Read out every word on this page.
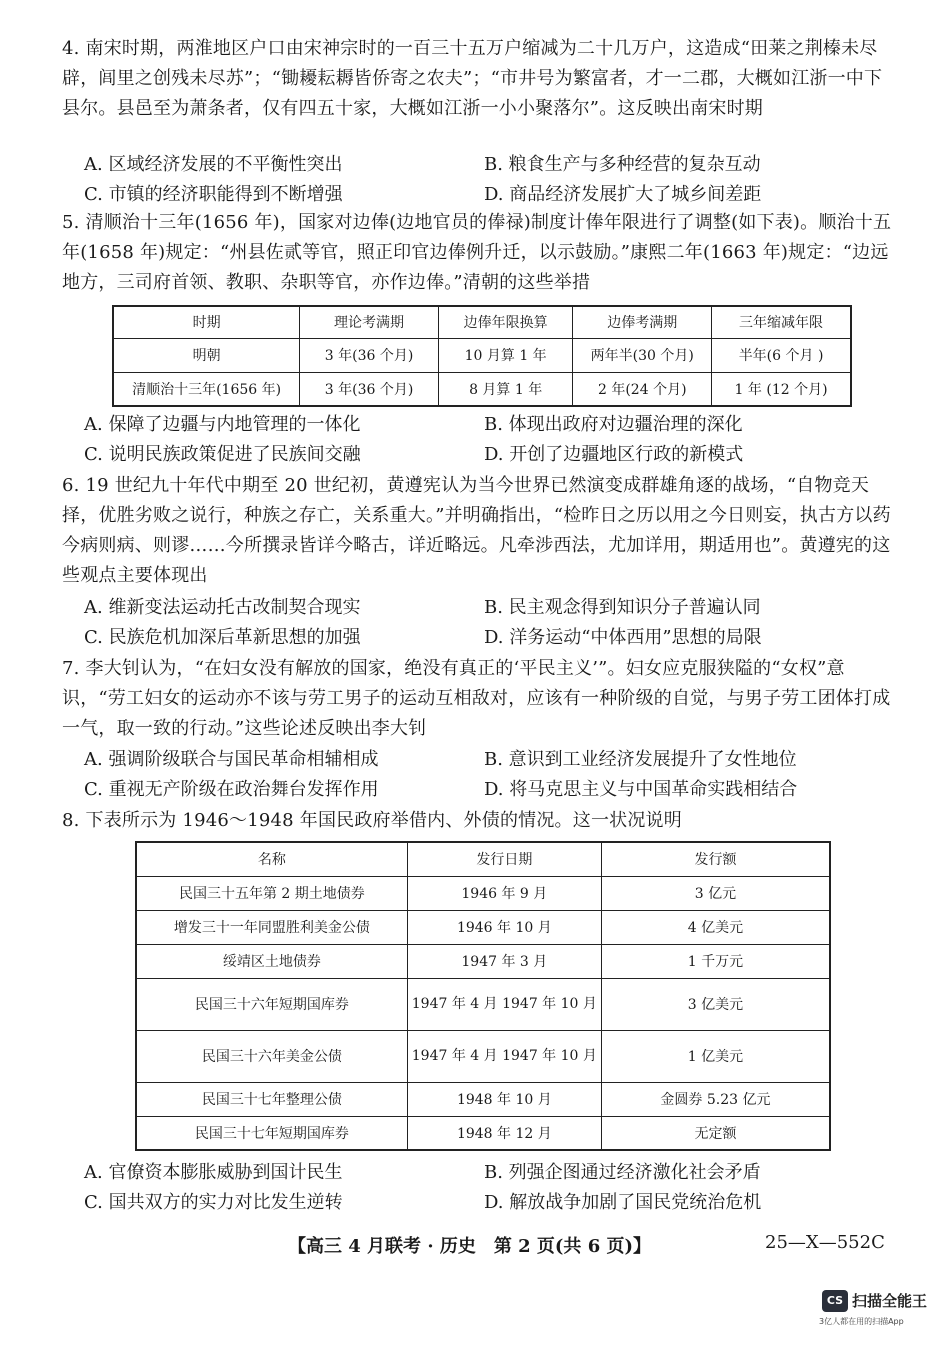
4. 南宋时期，两淮地区户口由宋神宗时的一百三十五万户缩减为二十几万户，这造成“田莱之荆榛未尽辟，闾里之创残未尽苏”；“锄耰耘耨皆侨寄之农夫”；“市井号为繁富者，才一二郡，大概如江浙一中下县尔。县邑至为萧条者，仅有四五十家，大概如江浙一小小聚落尔”。这反映出南宋时期
A. 区域经济发展的不平衡性突出	B. 粮食生产与多种经营的复杂互动
C. 市镇的经济职能得到不断增强	D. 商品经济发展扩大了城乡间差距
5. 清顺治十三年(1656 年)，国家对边俸(边地官员的俸禄)制度计俸年限进行了调整(如下表)。顺治十五年(1658 年)规定：“州县佐贰等官，照正印官边俸例升迁，以示鼓励。”康熙二年(1663 年)规定：“边远地方，三司府首领、教职、杂职等官，亦作边俸。”清朝的这些举措
时期	理论考满期	边俸年限换算	边俸考满期	三年缩减年限
明朝	3 年(36 个月)	10 月算 1 年	两年半(30 个月)	半年(6 个月 )
清顺治十三年(1656 年)	3 年(36 个月)	8 月算 1 年	2 年(24 个月)	1 年 (12 个月)
A. 保障了边疆与内地管理的一体化	B. 体现出政府对边疆治理的深化
C. 说明民族政策促进了民族间交融	D. 开创了边疆地区行政的新模式
6. 19 世纪九十年代中期至 20 世纪初，黄遵宪认为当今世界已然演变成群雄角逐的战场，“自物竞天择，优胜劣败之说行，种族之存亡，关系重大。”并明确指出，“检昨日之历以用之今日则妄，执古方以药今病则病、则谬……今所撰录皆详今略古，详近略远。凡牵涉西法，尤加详用，期适用也”。黄遵宪的这些观点主要体现出
A. 维新变法运动托古改制契合现实	B. 民主观念得到知识分子普遍认同
C. 民族危机加深后革新思想的加强	D. 洋务运动“中体西用”思想的局限
7. 李大钊认为，“在妇女没有解放的国家，绝没有真正的‘平民主义’”。妇女应克服狭隘的“女权”意识，“劳工妇女的运动亦不该与劳工男子的运动互相敌对，应该有一种阶级的自觉，与男子劳工团体打成一气，取一致的行动。”这些论述反映出李大钊
A. 强调阶级联合与国民革命相辅相成	B. 意识到工业经济发展提升了女性地位
C. 重视无产阶级在政治舞台发挥作用	D. 将马克思主义与中国革命实践相结合
8. 下表所示为 1946～1948 年国民政府举借内、外债的情况。这一状况说明
名称	发行日期	发行额
民国三十五年第 2 期土地债券	1946 年 9 月	3 亿元
增发三十一年同盟胜利美金公债	1946 年 10 月	4 亿美元
绥靖区土地债券	1947 年 3 月	1 千万元
民国三十六年短期国库券	1947 年 4 月 1947 年 10 月	3 亿美元
民国三十六年美金公债	1947 年 4 月 1947 年 10 月	1 亿美元
民国三十七年整理公债	1948 年 10 月	金圆券 5.23 亿元
民国三十七年短期国库券	1948 年 12 月	无定额
A. 官僚资本膨胀威胁到国计民生	B. 列强企图通过经济激化社会矛盾
C. 国共双方的实力对比发生逆转	D. 解放战争加剧了国民党统治危机
【高三 4 月联考 · 历史　第 2 页(共 6 页)】	25—X—552C
CS 扫描全能王
3亿人都在用的扫描App
